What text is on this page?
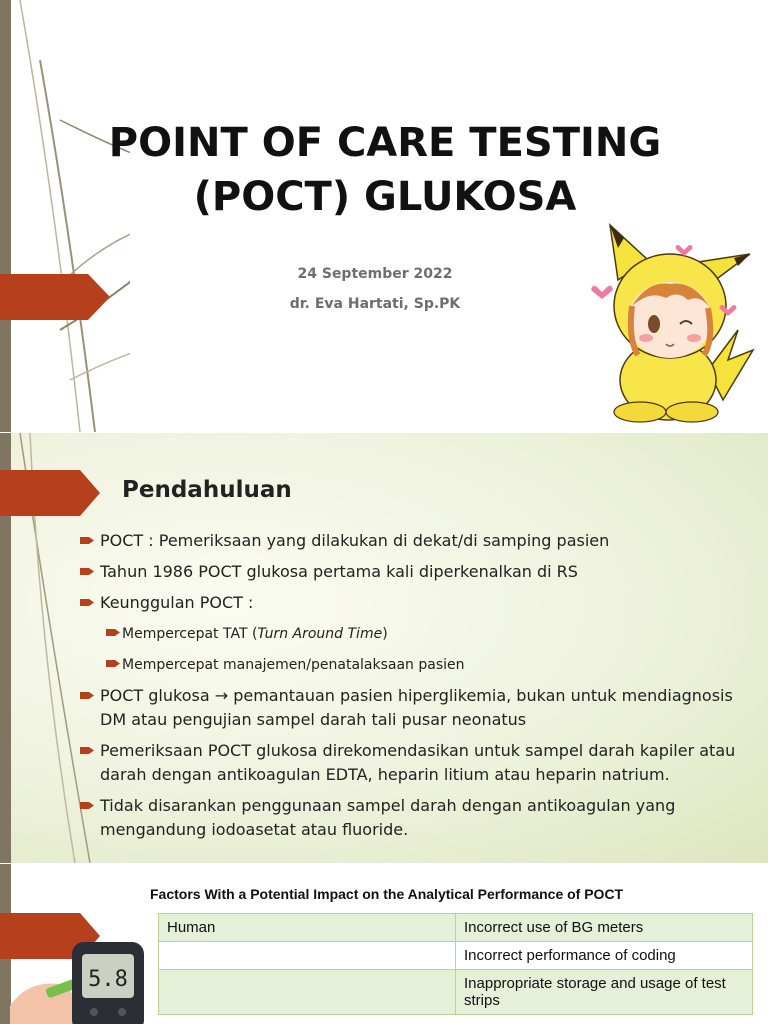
POINT OF CARE TESTING
(POCT) GLUKOSA
24 September 2022
dr. Eva Hartati, Sp.PK
Pendahuluan
POCT : Pemeriksaan yang dilakukan di dekat/di samping pasien
Tahun 1986 POCT glukosa pertama kali diperkenalkan di RS
Keunggulan POCT :
Mempercepat TAT (Turn Around Time)
Mempercepat manajemen/penatalaksaan pasien
POCT glukosa → pemantauan pasien hiperglikemia, bukan untuk mendiagnosis DM atau pengujian sampel darah tali pusar neonatus
Pemeriksaan POCT glukosa direkomendasikan untuk sampel darah kapiler atau darah dengan antikoagulan EDTA, heparin litium atau heparin natrium.
Tidak disarankan penggunaan sampel darah dengan antikoagulan yang mengandung iodoasetat atau fluoride.
Factors With a Potential Impact on the Analytical Performance of POCT
Human	Incorrect use of BG meters
	Incorrect performance of coding
	Inappropriate storage and usage of test strips
5.8
